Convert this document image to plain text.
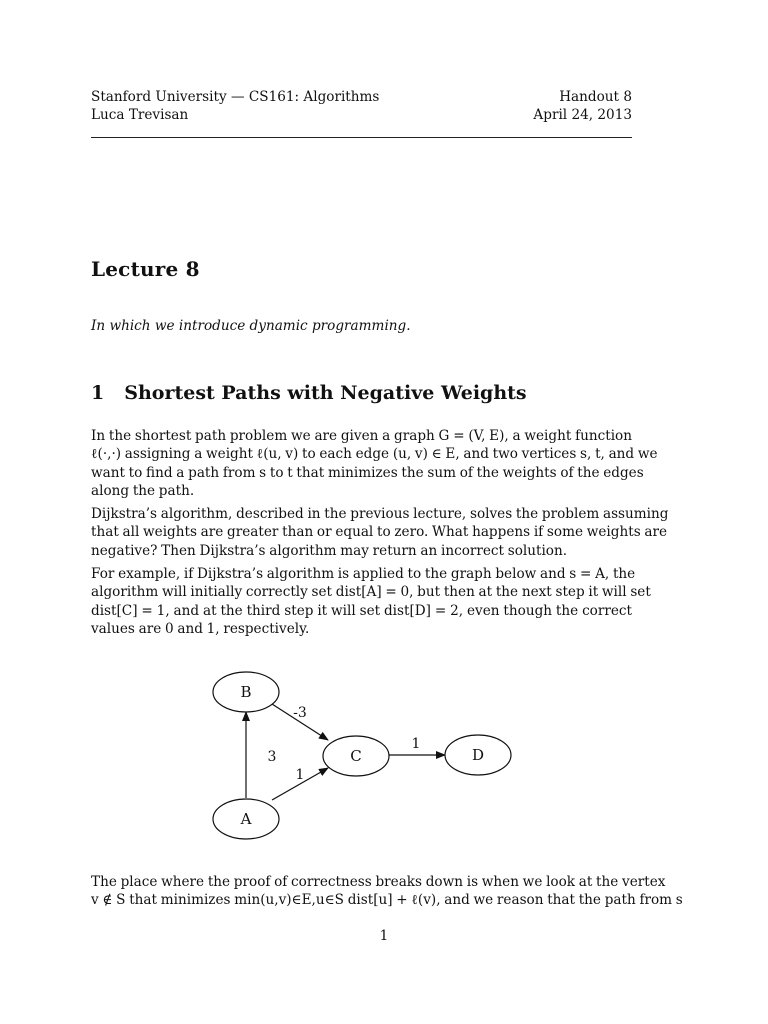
Stanford University — CS161: Algorithms	Handout 8
Luca Trevisan	April 24, 2013
Lecture 8
In which we introduce dynamic programming.
1 Shortest Paths with Negative Weights
In the shortest path problem we are given a graph G = (V, E), a weight function
ℓ(·,·) assigning a weight ℓ(u, v) to each edge (u, v) ∈ E, and two vertices s, t, and we
want to find a path from s to t that minimizes the sum of the weights of the edges
along the path.
Dijkstra’s algorithm, described in the previous lecture, solves the problem assuming
that all weights are greater than or equal to zero. What happens if some weights are
negative? Then Dijkstra’s algorithm may return an incorrect solution.
For example, if Dijkstra’s algorithm is applied to the graph below and s = A, the
algorithm will initially correctly set dist[A] = 0, but then at the next step it will set
dist[C] = 1, and at the third step it will set dist[D] = 2, even though the correct
values are 0 and 1, respectively.
B
C	D
A
-3
3
1
1
The place where the proof of correctness breaks down is when we look at the vertex
v ∉ S that minimizes min(u,v)∈E,u∈S dist[u] + ℓ(v), and we reason that the path from s
1
